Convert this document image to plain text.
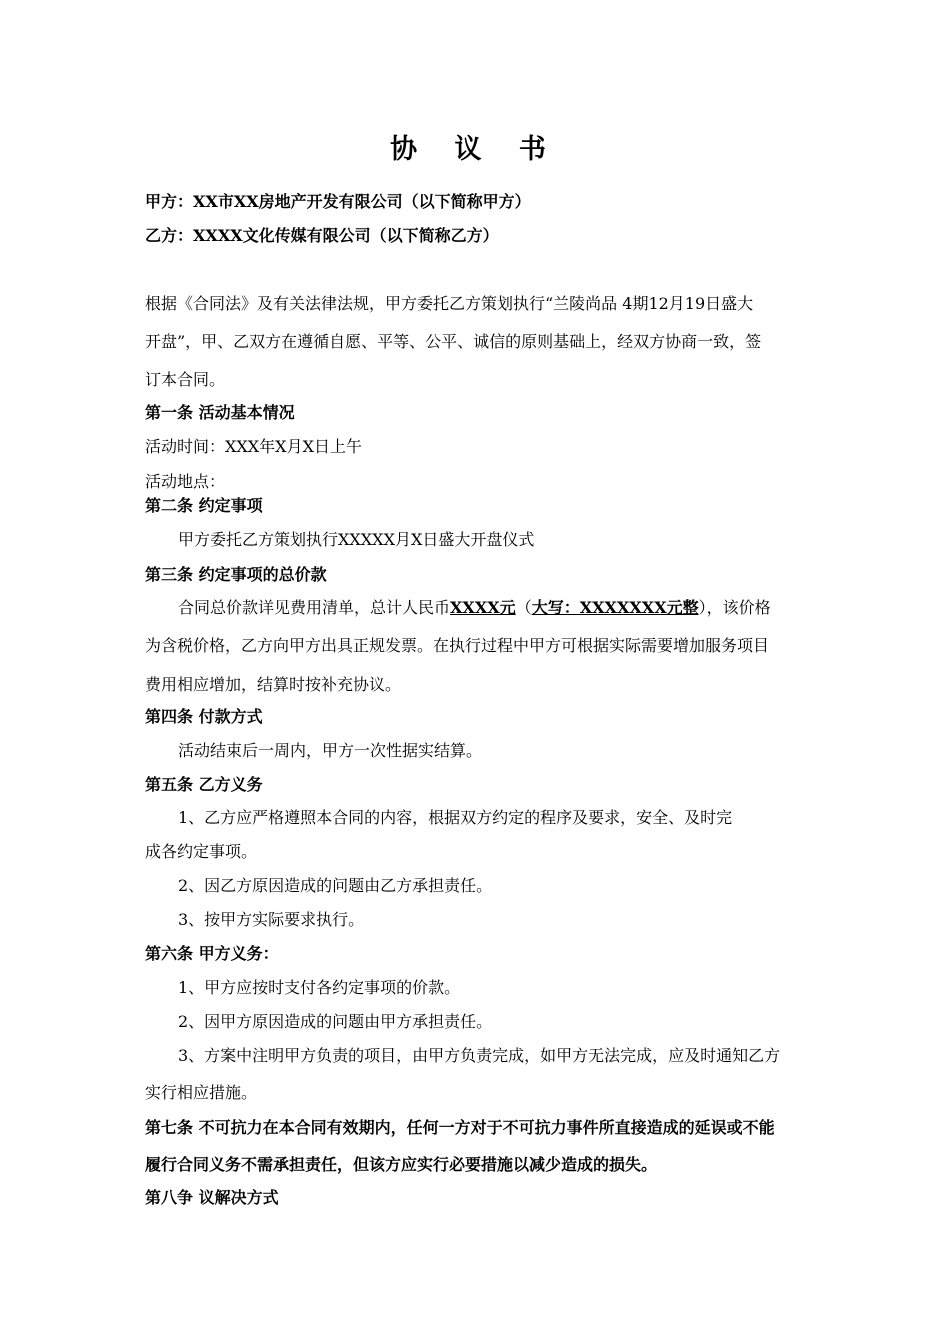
协 议 书
甲方：XX市XX房地产开发有限公司（以下简称甲方）
乙方：XXXX文化传媒有限公司（以下简称乙方）
根据《合同法》及有关法律法规，甲方委托乙方策划执行“兰陵尚品 4期12月19日盛大
开盘”，甲、乙双方在遵循自愿、平等、公平、诚信的原则基础上，经双方协商一致，签
订本合同。
第一条 活动基本情况
活动时间：XXX年X月X日上午
活动地点：
第二条 约定事项
甲方委托乙方策划执行XXXXX月X日盛大开盘仪式
第三条 约定事项的总价款
合同总价款详见费用清单，总计人民币XXXX元（大写：XXXXXXX元整），该价格
为含税价格，乙方向甲方出具正规发票。在执行过程中甲方可根据实际需要增加服务项目
费用相应增加，结算时按补充协议。
第四条 付款方式
活动结束后一周内，甲方一次性据实结算。
第五条 乙方义务
1、乙方应严格遵照本合同的内容，根据双方约定的程序及要求，安全、及时完
成各约定事项。
2、因乙方原因造成的问题由乙方承担责任。
3、按甲方实际要求执行。
第六条 甲方义务：
1、甲方应按时支付各约定事项的价款。
2、因甲方原因造成的问题由甲方承担责任。
3、方案中注明甲方负责的项目，由甲方负责完成，如甲方无法完成，应及时通知乙方
实行相应措施。
第七条 不可抗力在本合同有效期内，任何一方对于不可抗力事件所直接造成的延误或不能
履行合同义务不需承担责任，但该方应实行必要措施以减少造成的损失。
第八争 议解决方式
